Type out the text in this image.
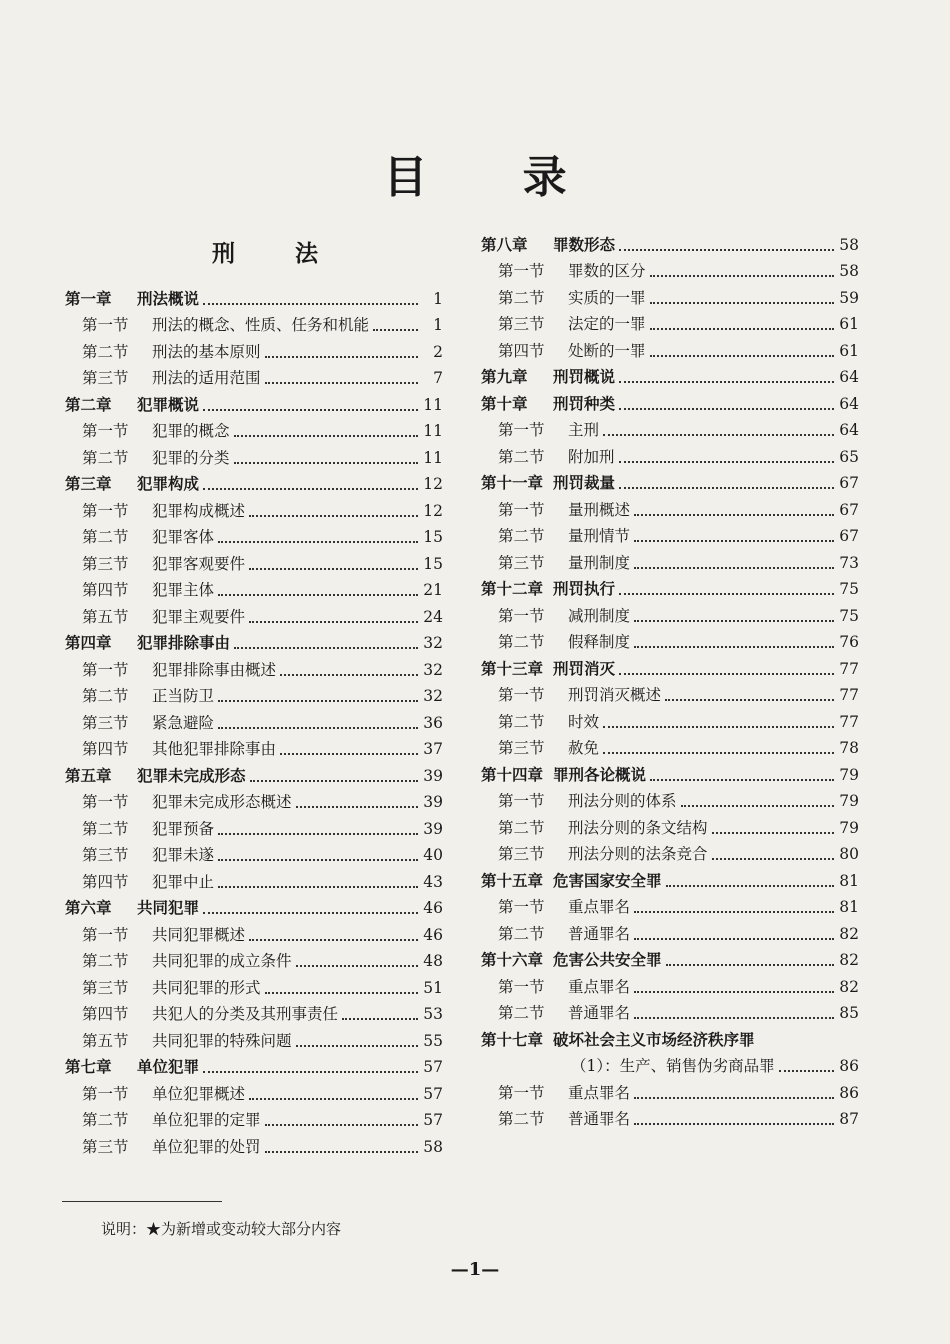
目 录
刑 法
第一章	刑法概说	1
第一节	刑法的概念、性质、任务和机能	1
第二节	刑法的基本原则	2
第三节	刑法的适用范围	7
第二章	犯罪概说	11
第一节	犯罪的概念	11
第二节	犯罪的分类	11
第三章	犯罪构成	12
第一节	犯罪构成概述	12
第二节	犯罪客体	15
第三节	犯罪客观要件	15
第四节	犯罪主体	21
第五节	犯罪主观要件	24
第四章	犯罪排除事由	32
第一节	犯罪排除事由概述	32
第二节	正当防卫	32
第三节	紧急避险	36
第四节	其他犯罪排除事由	37
第五章	犯罪未完成形态	39
第一节	犯罪未完成形态概述	39
第二节	犯罪预备	39
第三节	犯罪未遂	40
第四节	犯罪中止	43
第六章	共同犯罪	46
第一节	共同犯罪概述	46
第二节	共同犯罪的成立条件	48
第三节	共同犯罪的形式	51
第四节	共犯人的分类及其刑事责任	53
第五节	共同犯罪的特殊问题	55
第七章	单位犯罪	57
第一节	单位犯罪概述	57
第二节	单位犯罪的定罪	57
第三节	单位犯罪的处罚	58
第八章	罪数形态	58
第一节	罪数的区分	58
第二节	实质的一罪	59
第三节	法定的一罪	61
第四节	处断的一罪	61
第九章	刑罚概说	64
第十章	刑罚种类	64
第一节	主刑	64
第二节	附加刑	65
第十一章 刑罚裁量	67
第一节	量刑概述	67
第二节	量刑情节	67
第三节	量刑制度	73
第十二章 刑罚执行	75
第一节	减刑制度	75
第二节	假释制度	76
第十三章 刑罚消灭	77
第一节	刑罚消灭概述	77
第二节	时效	77
第三节	赦免	78
第十四章 罪刑各论概说	79
第一节	刑法分则的体系	79
第二节	刑法分则的条文结构	79
第三节	刑法分则的法条竞合	80
第十五章 危害国家安全罪	81
第一节	重点罪名	81
第二节	普通罪名	82
第十六章 危害公共安全罪	82
第一节	重点罪名	82
第二节	普通罪名	85
第十七章 破坏社会主义市场经济秩序罪
（1）：生产、销售伪劣商品罪	86
第一节	重点罪名	86
第二节	普通罪名	87
说明：★为新增或变动较大部分内容
—1—
